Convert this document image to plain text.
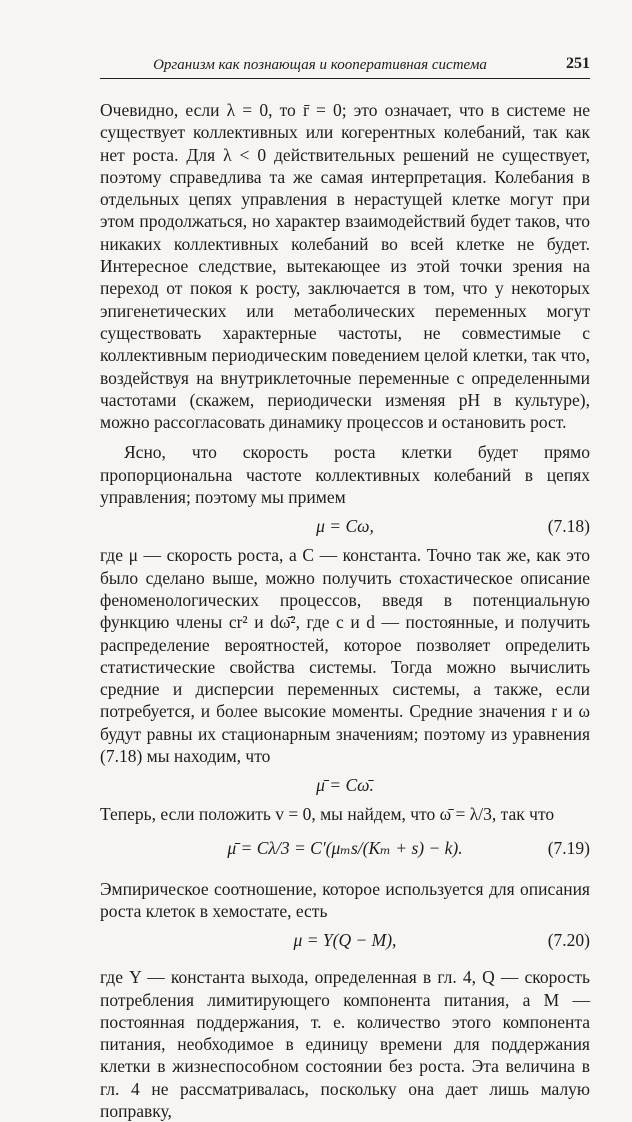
Организм как познающая и кооперативная система	251

Очевидно, если λ = 0, то r̄ = 0; это означает, что в системе не существует коллективных или когерентных колебаний, так как нет роста. Для λ < 0 действительных решений не существует, поэтому справедлива та же самая интерпретация. Колебания в отдельных цепях управления в нерастущей клетке могут при этом продолжаться, но характер взаимодействий будет таков, что никаких коллективных колебаний во всей клетке не будет. Интересное следствие, вытекающее из этой точки зрения на переход от покоя к росту, заключается в том, что у некоторых эпигенетических или метаболических переменных могут существовать характерные частоты, не совместимые с коллективным периодическим поведением целой клетки, так что, воздействуя на внутриклеточные переменные с определенными частотами (скажем, периодически изменяя pH в культуре), можно рассогласовать динамику процессов и остановить рост.

Ясно, что скорость роста клетки будет прямо пропорциональна частоте коллективных колебаний в цепях управления; поэтому мы примем

μ = Cω,	(7.18)

где μ — скорость роста, а C — константа. Точно так же, как это было сделано выше, можно получить стохастическое описание феноменологических процессов, введя в потенциальную функцию члены cr² и dω̄², где c и d — постоянные, и получить распределение вероятностей, которое позволяет определить статистические свойства системы. Тогда можно вычислить средние и дисперсии переменных системы, а также, если потребуется, и более высокие моменты. Средние значения r и ω будут равны их стационарным значениям; поэтому из уравнения (7.18) мы находим, что

μ̄ = Cω̄.

Теперь, если положить v = 0, мы найдем, что ω̄ = λ/3, так что

μ̄ = Cλ/3 = C′(μₘs/(Kₘ + s) − k).	(7.19)

Эмпирическое соотношение, которое используется для описания роста клеток в хемостате, есть

μ = Y(Q − M),	(7.20)

где Y — константа выхода, определенная в гл. 4, Q — скорость потребления лимитирующего компонента питания, а M — постоянная поддержания, т. е. количество этого компонента питания, необходимое в единицу времени для поддержания клетки в жизнеспособном состоянии без роста. Эта величина в гл. 4 не рассматривалась, поскольку она дает лишь малую поправку,
